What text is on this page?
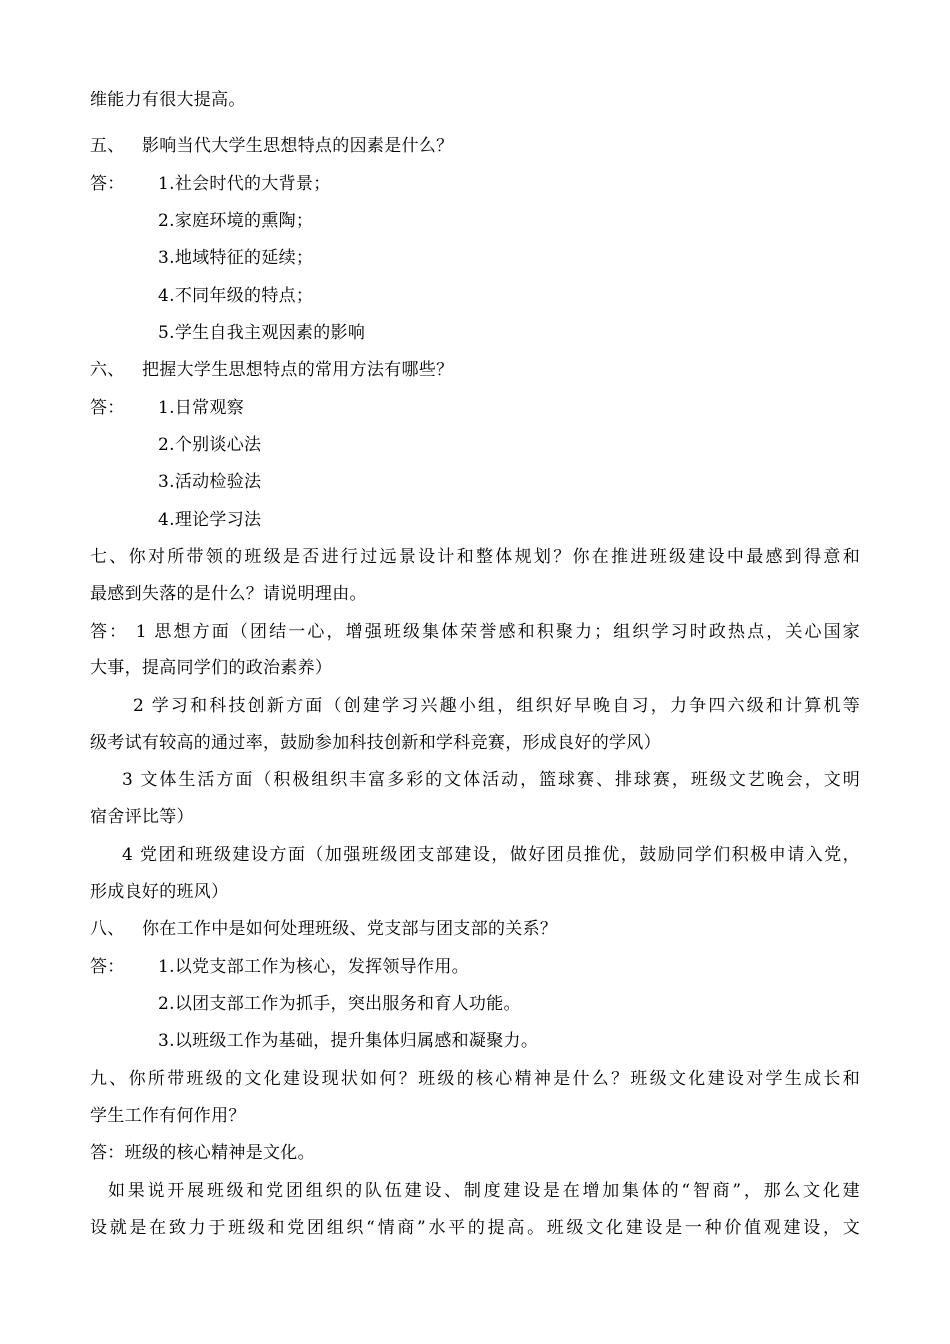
维能力有很大提高。
五、 影响当代大学生思想特点的因素是什么？
答： 1.社会时代的大背景；
2.家庭环境的熏陶；
3.地域特征的延续；
4.不同年级的特点；
5.学生自我主观因素的影响
六、 把握大学生思想特点的常用方法有哪些？
答： 1.日常观察
2.个别谈心法
3.活动检验法
4.理论学习法
七、你对所带领的班级是否进行过远景设计和整体规划？你在推进班级建设中最感到得意和
最感到失落的是什么？请说明理由。
答： 1 思想方面（团结一心，增强班级集体荣誉感和积聚力；组织学习时政热点，关心国家
大事，提高同学们的政治素养）
2 学习和科技创新方面（创建学习兴趣小组，组织好早晚自习，力争四六级和计算机等
级考试有较高的通过率，鼓励参加科技创新和学科竞赛，形成良好的学风）
3 文体生活方面（积极组织丰富多彩的文体活动，篮球赛、排球赛，班级文艺晚会，文明
宿舍评比等）
4 党团和班级建设方面（加强班级团支部建设，做好团员推优，鼓励同学们积极申请入党，
形成良好的班风）
八、 你在工作中是如何处理班级、党支部与团支部的关系？
答： 1.以党支部工作为核心，发挥领导作用。
2.以团支部工作为抓手，突出服务和育人功能。
3.以班级工作为基础，提升集体归属感和凝聚力。
九、你所带班级的文化建设现状如何？班级的核心精神是什么？班级文化建设对学生成长和
学生工作有何作用？
答：班级的核心精神是文化。
如果说开展班级和党团组织的队伍建设、制度建设是在增加集体的“智商”，那么文化建
设就是在致力于班级和党团组织“情商”水平的提高。班级文化建设是一种价值观建设，文
